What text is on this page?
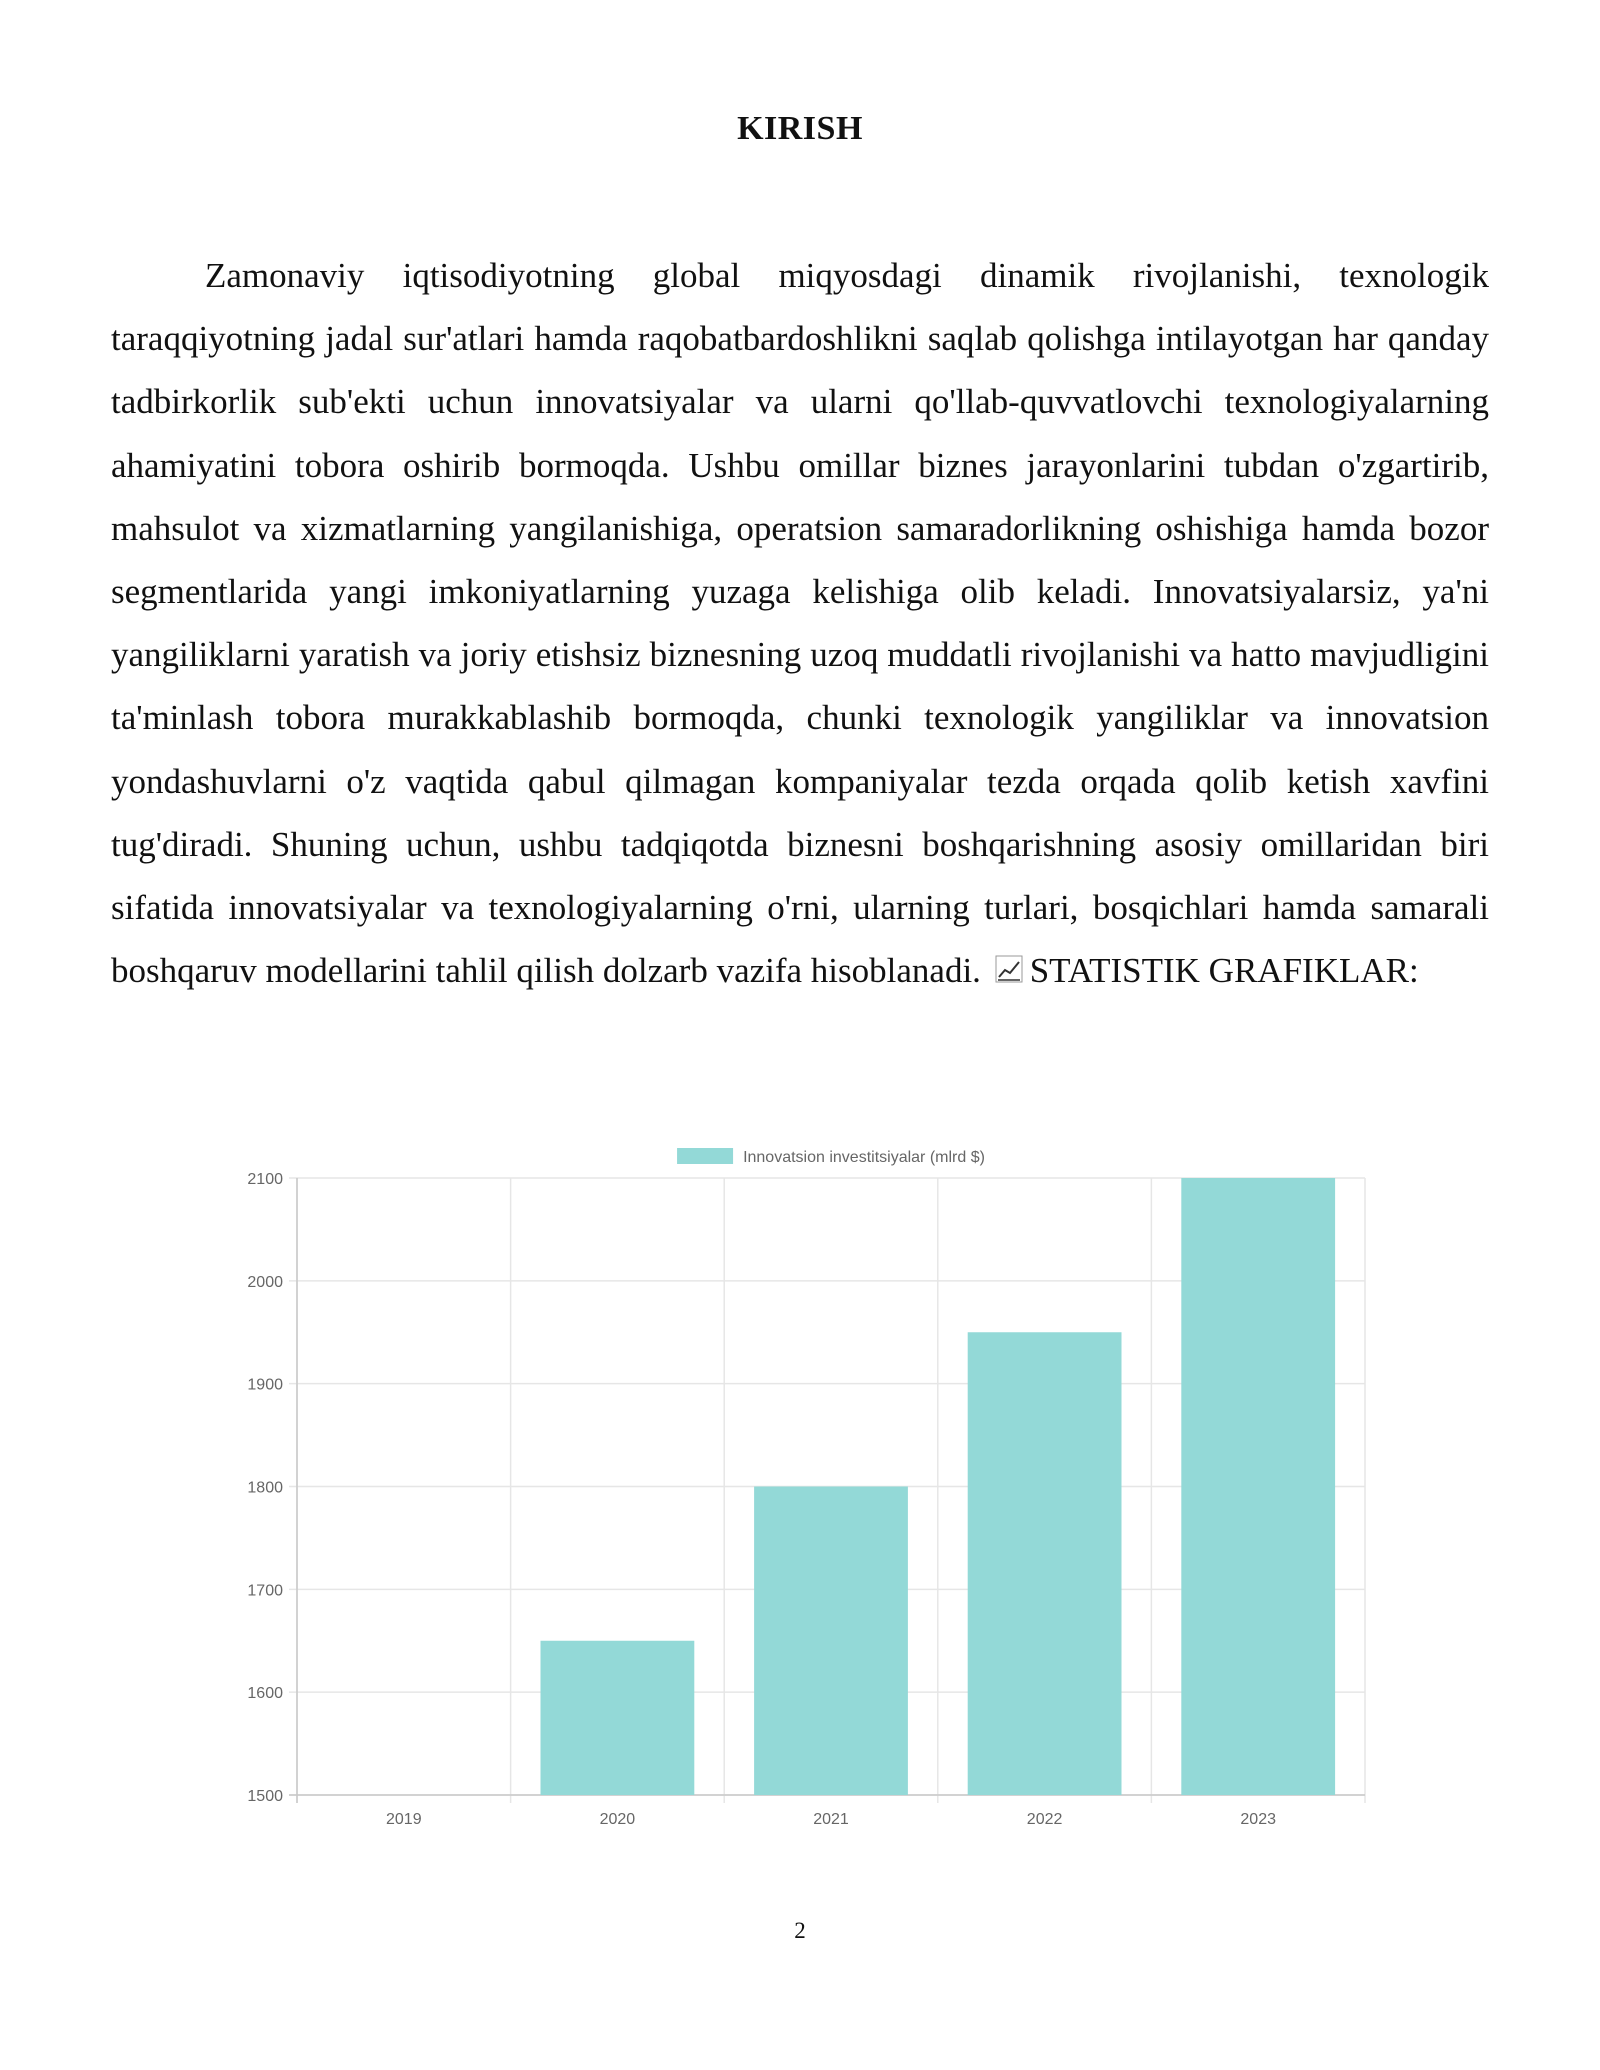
KIRISH

Zamonaviy iqtisodiyotning global miqyosdagi dinamik rivojlanishi, texnologik taraqqiyotning jadal sur'atlari hamda raqobatbardoshlikni saqlab qolishga intilayotgan har qanday tadbirkorlik sub'ekti uchun innovatsiyalar va ularni qo'llab-quvvatlovchi texnologiyalarning ahamiyatini tobora oshirib bormoqda. Ushbu omillar biznes jarayonlarini tubdan o'zgartirib, mahsulot va xizmatlarning yangilanishiga, operatsion samaradorlikning oshishiga hamda bozor segmentlarida yangi imkoniyatlarning yuzaga kelishiga olib keladi. Innovatsiyalarsiz, ya'ni yangiliklarni yaratish va joriy etishsiz biznesning uzoq muddatli rivojlanishi va hatto mavjudligini ta'minlash tobora murakkablashib bormoqda, chunki texnologik yangiliklar va innovatsion yondashuvlarni o'z vaqtida qabul qilmagan kompaniyalar tezda orqada qolib ketish xavfini tug'diradi. Shuning uchun, ushbu tadqiqotda biznesni boshqarishning asosiy omillaridan biri sifatida innovatsiyalar va texnologiyalarning o'rni, ularning turlari, bosqichlari hamda samarali boshqaruv modellarini tahlil qilish dolzarb vazifa hisoblanadi. STATISTIK GRAFIKLAR:

1500
1600
1700
1800
1900
2000
2100
2019	2020	2021	2022	2023
Innovatsion investitsiyalar (mlrd $)
2
